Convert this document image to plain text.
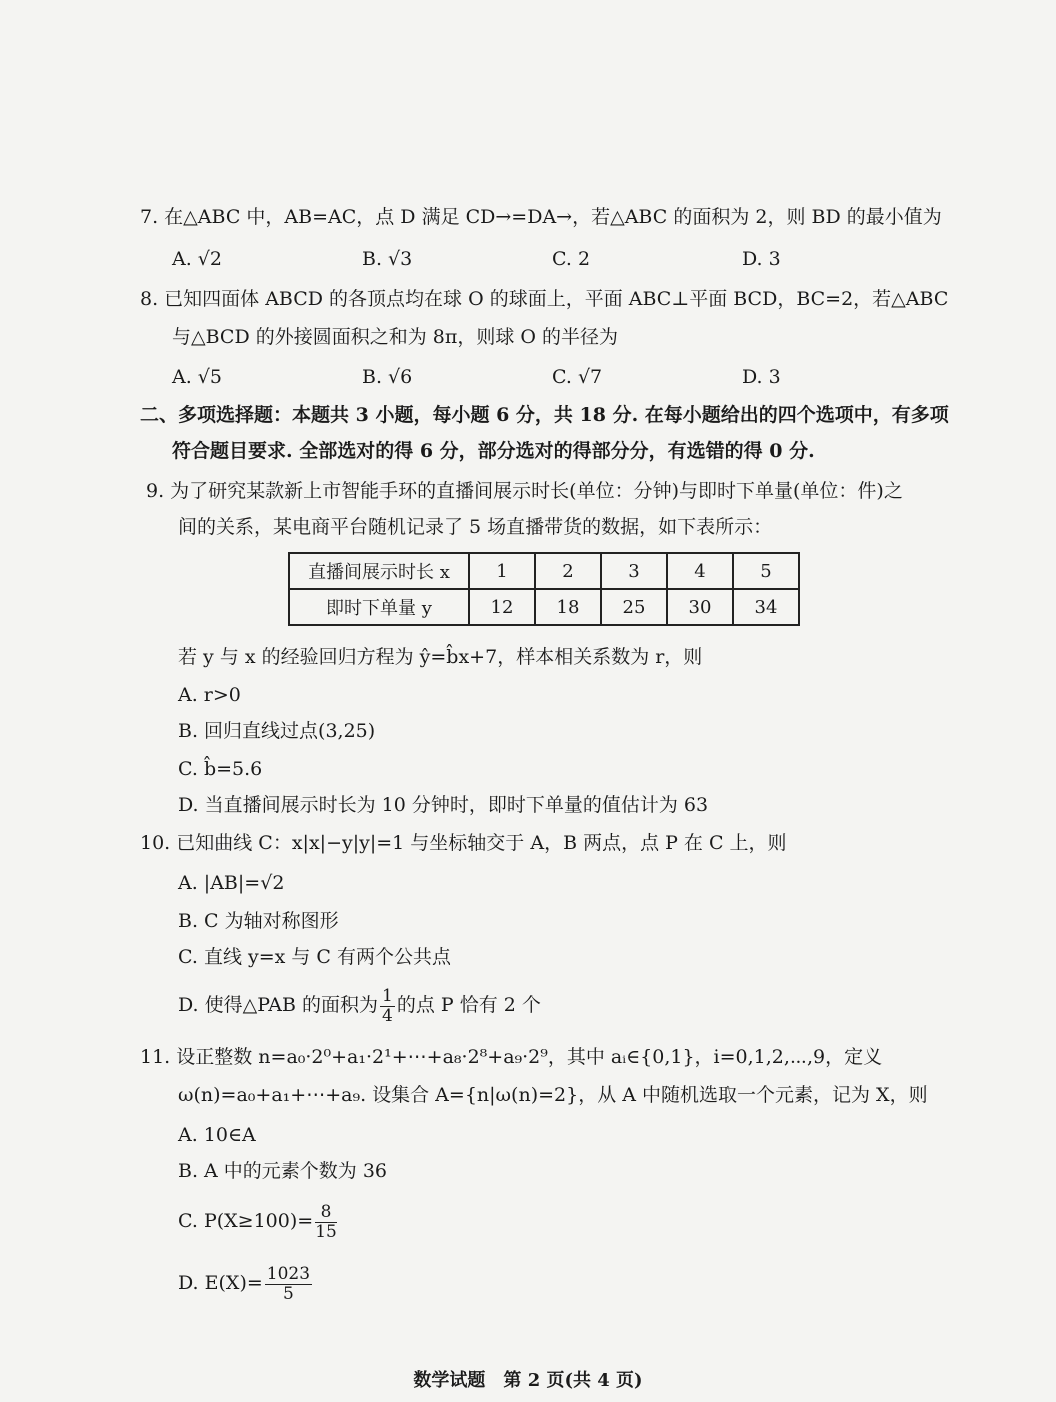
7. 在△ABC 中，AB=AC，点 D 满足 CD→=DA→，若△ABC 的面积为 2，则 BD 的最小值为
A. √2	B. √3	C. 2	D. 3
8. 已知四面体 ABCD 的各顶点均在球 O 的球面上，平面 ABC⊥平面 BCD，BC=2，若△ABC
与△BCD 的外接圆面积之和为 8π，则球 O 的半径为
A. √5	B. √6	C. √7	D. 3
二、多项选择题：本题共 3 小题，每小题 6 分，共 18 分. 在每小题给出的四个选项中，有多项
符合题目要求. 全部选对的得 6 分，部分选对的得部分分，有选错的得 0 分.
9. 为了研究某款新上市智能手环的直播间展示时长(单位：分钟)与即时下单量(单位：件)之
间的关系，某电商平台随机记录了 5 场直播带货的数据，如下表所示：
直播间展示时长 x	1	2	3	4	5
即时下单量 y	12	18	25	30	34
若 y 与 x 的经验回归方程为 ŷ=b̂x+7，样本相关系数为 r，则
A. r>0
B. 回归直线过点(3,25)
C. b̂=5.6
D. 当直播间展示时长为 10 分钟时，即时下单量的值估计为 63
10. 已知曲线 C：x|x|−y|y|=1 与坐标轴交于 A，B 两点，点 P 在 C 上，则
A. |AB|=√2
B. C 为轴对称图形
C. 直线 y=x 与 C 有两个公共点
D. 使得△PAB 的面积为 $\frac{1}{4}$ 的点 P 恰有 2 个
11. 设正整数 n=a₀·2⁰+a₁·2¹+⋯+a₈·2⁸+a₉·2⁹，其中 aᵢ∈{0,1}，i=0,1,2,⋯,9，定义
ω(n)=a₀+a₁+⋯+a₉. 设集合 A={n|ω(n)=2}，从 A 中随机选取一个元素，记为 X，则
A. 10∈A
B. A 中的元素个数为 36
C. $P(X\ge 100)= \frac{8}{15}$
D. $E(X)= \frac{1023}{5}$
数学试题　第 2 页(共 4 页)
